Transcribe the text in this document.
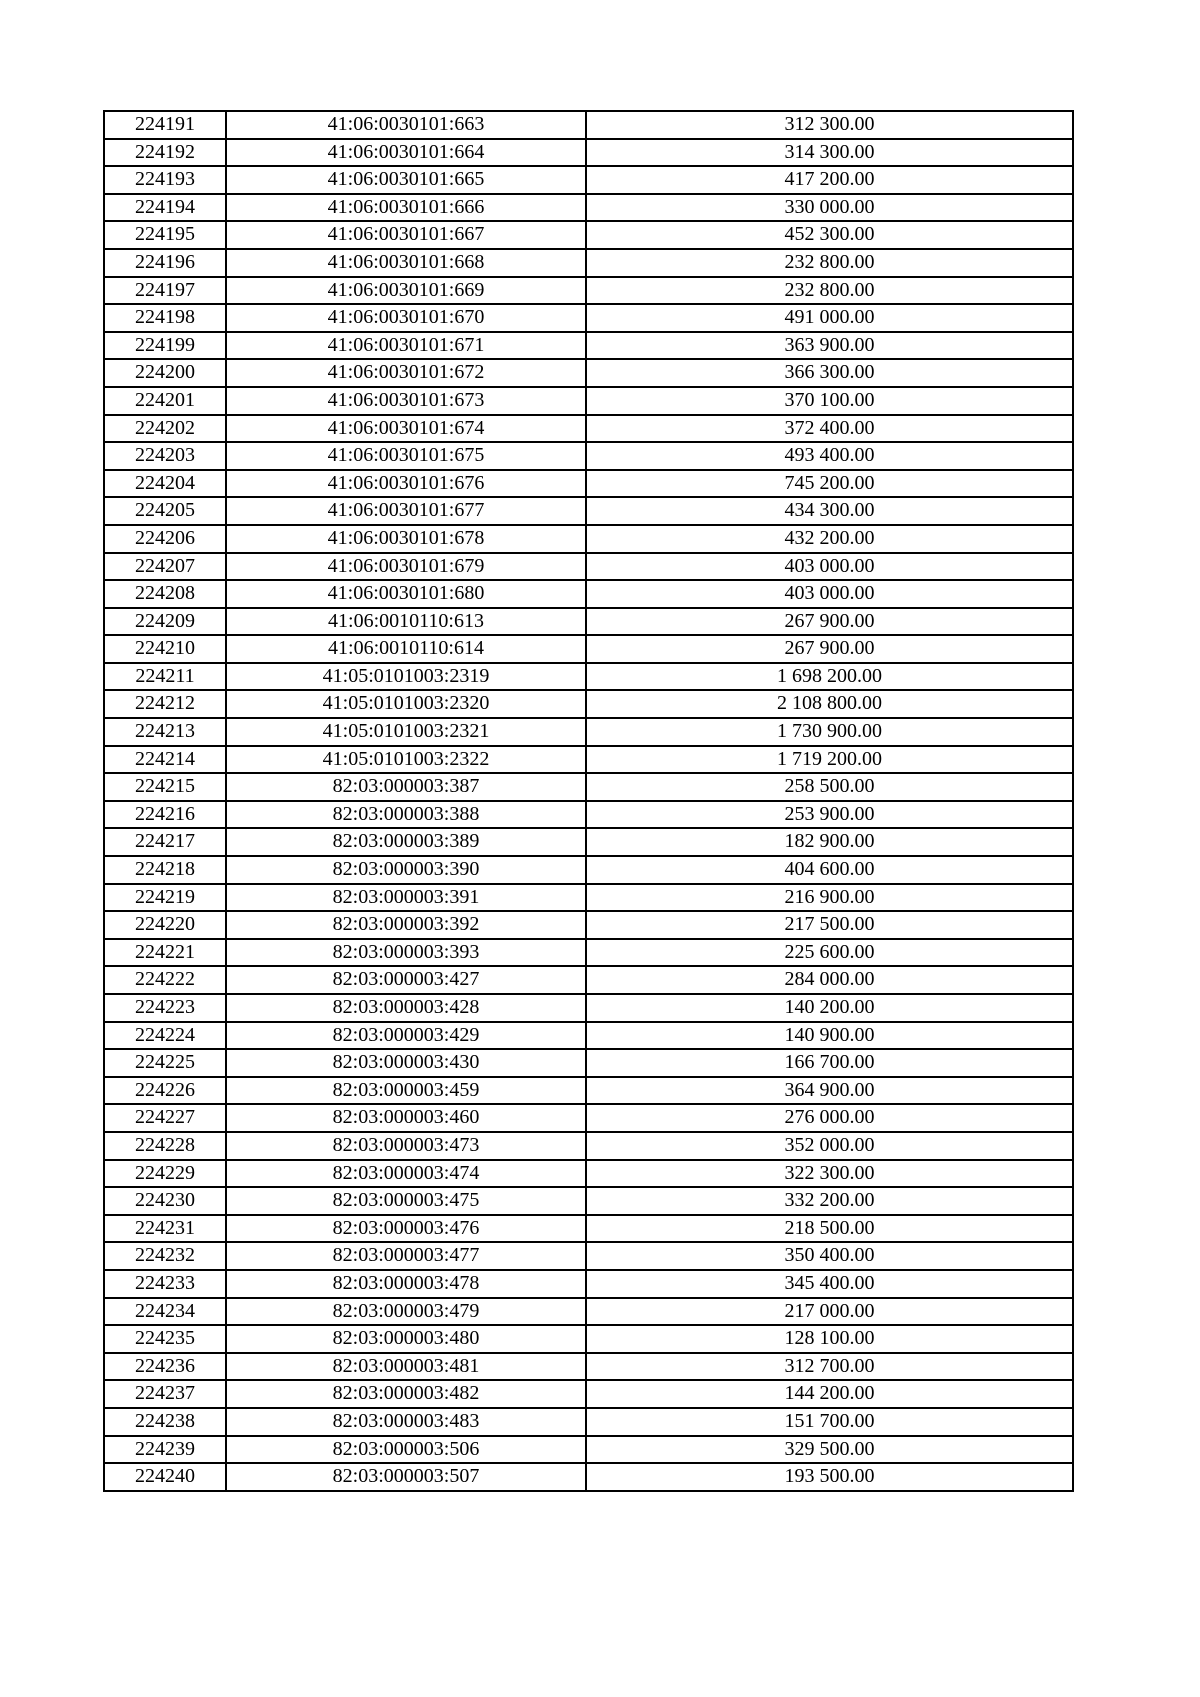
224191	41:06:0030101:663	312 300.00
224192	41:06:0030101:664	314 300.00
224193	41:06:0030101:665	417 200.00
224194	41:06:0030101:666	330 000.00
224195	41:06:0030101:667	452 300.00
224196	41:06:0030101:668	232 800.00
224197	41:06:0030101:669	232 800.00
224198	41:06:0030101:670	491 000.00
224199	41:06:0030101:671	363 900.00
224200	41:06:0030101:672	366 300.00
224201	41:06:0030101:673	370 100.00
224202	41:06:0030101:674	372 400.00
224203	41:06:0030101:675	493 400.00
224204	41:06:0030101:676	745 200.00
224205	41:06:0030101:677	434 300.00
224206	41:06:0030101:678	432 200.00
224207	41:06:0030101:679	403 000.00
224208	41:06:0030101:680	403 000.00
224209	41:06:0010110:613	267 900.00
224210	41:06:0010110:614	267 900.00
224211	41:05:0101003:2319	1 698 200.00
224212	41:05:0101003:2320	2 108 800.00
224213	41:05:0101003:2321	1 730 900.00
224214	41:05:0101003:2322	1 719 200.00
224215	82:03:000003:387	258 500.00
224216	82:03:000003:388	253 900.00
224217	82:03:000003:389	182 900.00
224218	82:03:000003:390	404 600.00
224219	82:03:000003:391	216 900.00
224220	82:03:000003:392	217 500.00
224221	82:03:000003:393	225 600.00
224222	82:03:000003:427	284 000.00
224223	82:03:000003:428	140 200.00
224224	82:03:000003:429	140 900.00
224225	82:03:000003:430	166 700.00
224226	82:03:000003:459	364 900.00
224227	82:03:000003:460	276 000.00
224228	82:03:000003:473	352 000.00
224229	82:03:000003:474	322 300.00
224230	82:03:000003:475	332 200.00
224231	82:03:000003:476	218 500.00
224232	82:03:000003:477	350 400.00
224233	82:03:000003:478	345 400.00
224234	82:03:000003:479	217 000.00
224235	82:03:000003:480	128 100.00
224236	82:03:000003:481	312 700.00
224237	82:03:000003:482	144 200.00
224238	82:03:000003:483	151 700.00
224239	82:03:000003:506	329 500.00
224240	82:03:000003:507	193 500.00
